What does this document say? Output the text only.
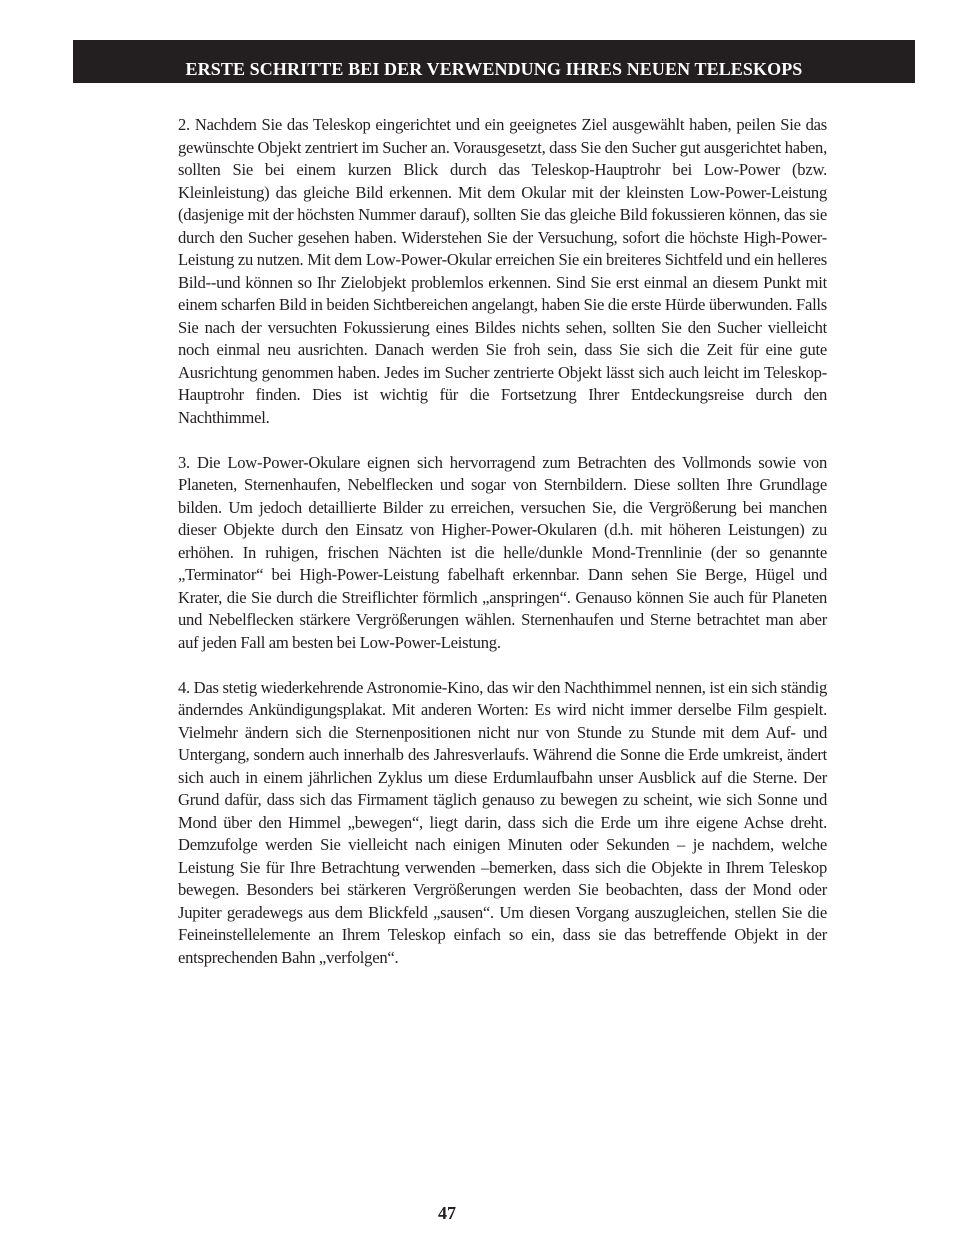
ERSTE SCHRITTE BEI DER VERWENDUNG IHRES NEUEN TELESKOPS

2. Nachdem Sie das Teleskop eingerichtet und ein geeignetes Ziel ausgewählt haben, peilen Sie das gewünschte Objekt zentriert im Sucher an. Vorausgesetzt, dass Sie den Sucher gut ausgerichtet haben, sollten Sie bei einem kurzen Blick durch das Teleskop-Hauptrohr bei Low-Power (bzw. Kleinleistung) das gleiche Bild erkennen. Mit dem Okular mit der kleinsten Low-Power-Leistung (dasjenige mit der höchsten Nummer darauf), sollten Sie das gleiche Bild fokussieren können, das sie durch den Sucher gesehen haben. Widerstehen Sie der Versuchung, sofort die höchste High-Power-Leistung zu nutzen. Mit dem Low-Power-Okular erreichen Sie ein breiteres Sichtfeld und ein helleres Bild--und können so Ihr Zielobjekt problemlos erkennen. Sind Sie erst einmal an diesem Punkt mit einem scharfen Bild in beiden Sichtbereichen angelangt, haben Sie die erste Hürde überwunden. Falls Sie nach der versuchten Fokussierung eines Bildes nichts sehen, sollten Sie den Sucher vielleicht noch einmal neu ausrichten. Danach werden Sie froh sein, dass Sie sich die Zeit für eine gute Ausrichtung genommen haben. Jedes im Sucher zentrierte Objekt lässt sich auch leicht im Teleskop-Hauptrohr finden. Dies ist wichtig für die Fortsetzung Ihrer Entdeckungsreise durch den Nachthimmel.

3. Die Low-Power-Okulare eignen sich hervorragend zum Betrachten des Vollmonds sowie von Planeten, Sternenhaufen, Nebelflecken und sogar von Sternbildern. Diese sollten Ihre Grundlage bilden. Um jedoch detaillierte Bilder zu erreichen, versuchen Sie, die Vergrößerung bei manchen dieser Objekte durch den Einsatz von Higher-Power-Okularen (d.h. mit höheren Leistungen) zu erhöhen. In ruhigen, frischen Nächten ist die helle/dunkle Mond-Trennlinie (der so genannte „Terminator“ bei High-Power-Leistung fabelhaft erkennbar. Dann sehen Sie Berge, Hügel und Krater, die Sie durch die Streiflichter förmlich „anspringen“. Genauso können Sie auch für Planeten und Nebelflecken stärkere Vergrößerungen wählen. Sternenhaufen und Sterne betrachtet man aber auf jeden Fall am besten bei Low-Power-Leistung.

4. Das stetig wiederkehrende Astronomie-Kino, das wir den Nachthimmel nennen, ist ein sich ständig änderndes Ankündigungsplakat. Mit anderen Worten: Es wird nicht immer derselbe Film gespielt. Vielmehr ändern sich die Sternenpositionen nicht nur von Stunde zu Stunde mit dem Auf- und Untergang, sondern auch innerhalb des Jahresverlaufs. Während die Sonne die Erde umkreist, ändert sich auch in einem jährlichen Zyklus um diese Erdumlaufbahn unser Ausblick auf die Sterne. Der Grund dafür, dass sich das Firmament täglich genauso zu bewegen zu scheint, wie sich Sonne und Mond über den Himmel „bewegen“, liegt darin, dass sich die Erde um ihre eigene Achse dreht. Demzufolge werden Sie vielleicht nach einigen Minuten oder Sekunden – je nachdem, welche Leistung Sie für Ihre Betrachtung verwenden –bemerken, dass sich die Objekte in Ihrem Teleskop bewegen. Besonders bei stärkeren Vergrößerungen werden Sie beobachten, dass der Mond oder Jupiter geradewegs aus dem Blickfeld „sausen“. Um diesen Vorgang auszugleichen, stellen Sie die Feineinstellelemente an Ihrem Teleskop einfach so ein, dass sie das betreffende Objekt in der entsprechenden Bahn „verfolgen“.

47
